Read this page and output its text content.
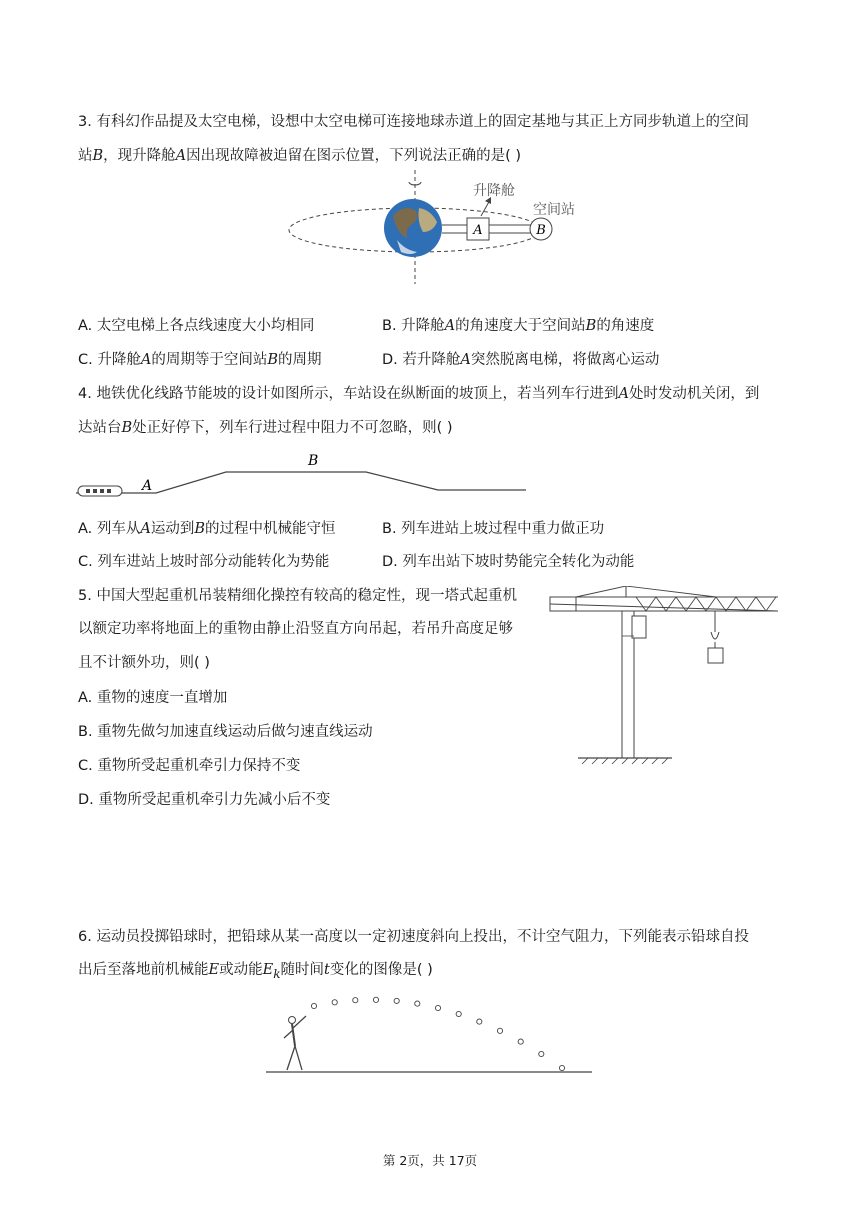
3. 有科幻作品提及太空电梯，设想中太空电梯可连接地球赤道上的固定基地与其正上方同步轨道上的空间
站B，现升降舱A因出现故障被迫留在图示位置，下列说法正确的是( )
A	B
升降舱
空间站
A. 太空电梯上各点线速度大小均相同	B. 升降舱A的角速度大于空间站B的角速度
C. 升降舱A的周期等于空间站B的周期	D. 若升降舱A突然脱离电梯，将做离心运动
4. 地铁优化线路节能坡的设计如图所示，车站设在纵断面的坡顶上，若当列车行进到A处时发动机关闭，到
达站台B处正好停下，列车行进过程中阻力不可忽略，则( )
A
B
A. 列车从A运动到B的过程中机械能守恒	B. 列车进站上坡过程中重力做正功
C. 列车进站上坡时部分动能转化为势能	D. 列车出站下坡时势能完全转化为动能
5. 中国大型起重机吊装精细化操控有较高的稳定性，现一塔式起重机
以额定功率将地面上的重物由静止沿竖直方向吊起，若吊升高度足够
且不计额外功，则( )
A. 重物的速度一直增加
B. 重物先做匀加速直线运动后做匀速直线运动
C. 重物所受起重机牵引力保持不变
D. 重物所受起重机牵引力先减小后不变
6. 运动员投掷铅球时，把铅球从某一高度以一定初速度斜向上投出，不计空气阻力，下列能表示铅球自投
出后至落地前机械能E或动能$E_k$随时间t变化的图像是( )
第 2页，共 17页
